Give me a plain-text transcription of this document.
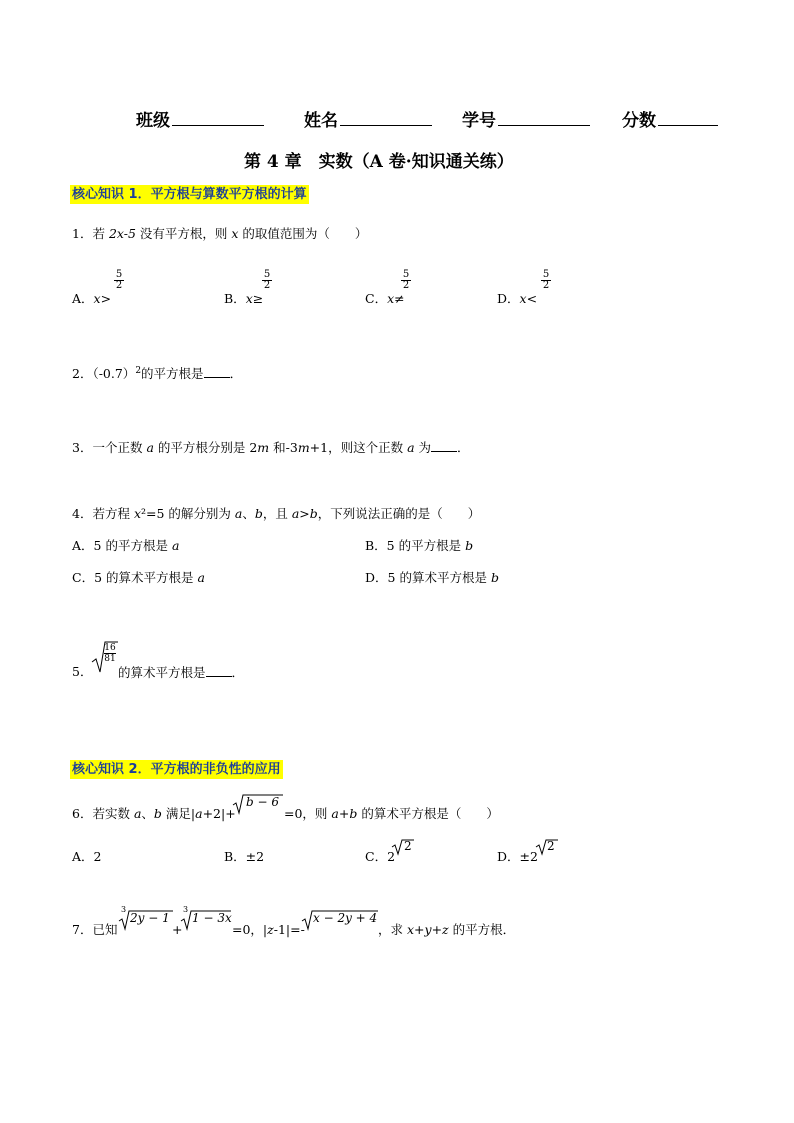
班级	姓名	学号	分数
第 4 章　实数（A 卷·知识通关练）
核心知识 1．平方根与算数平方根的计算
1．若 2x-5 没有平方根，则 x 的取值范围为（　　）
A．x>
$\frac{5}{2}$
B．x≥
$\frac{5}{2}$
C．x≠
$\frac{5}{2}$
D．x<
$\frac{5}{2}$
2．$(-0.7)^2$的平方根是 ．
3．一个正数 a 的平方根分别是 2m 和-3m+1，则这个正数 a 为 ．
4．若方程 x²=5 的解分别为 a、b，且 a>b，下列说法正确的是（　　）
A．5 的平方根是 a	B．5 的平方根是 b
C．5 的算术平方根是 a	D．5 的算术平方根是 b
5．
$\frac{16}{81}$
的算术平方根是 ．
核心知识 2．平方根的非负性的应用
6．若实数 a、b 满足|a+2|+
b − 6
=0，则 a+b 的算术平方根是（　　）
A．2	B．±2	C．2
2
D．±2
2
7．已知
3
2y − 1
+
3
1 − 3x
=0，|z-1|=-
x − 2y + 4
，求 x+y+z 的平方根．
